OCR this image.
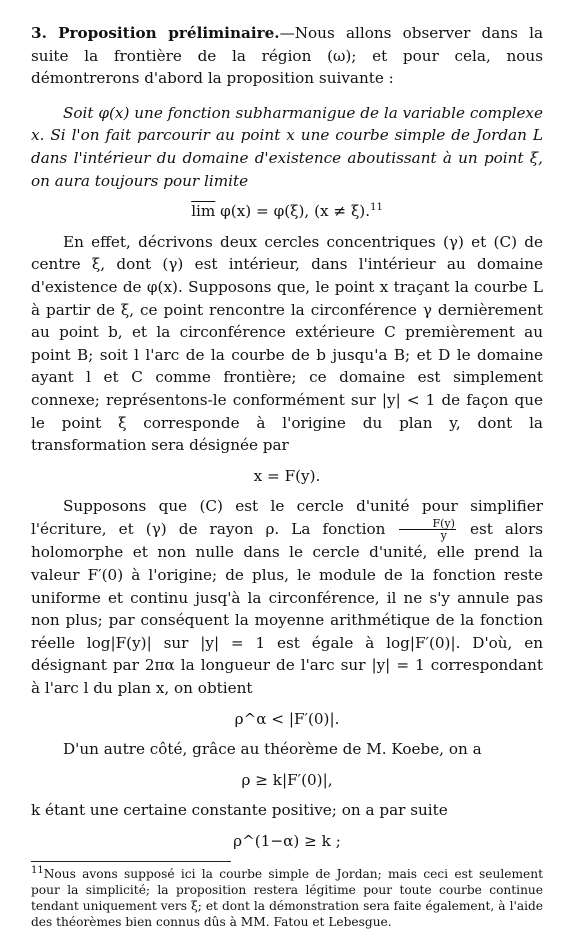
3. Proposition préliminaire.—Nous allons observer dans la suite la frontière de la région (ω); et pour cela, nous démontrerons d'abord la proposition suivante :

Soit φ(x) une fonction subharmanigue de la variable complexe x. Si l'on fait parcourir au point x une courbe simple de Jordan L dans l'intérieur du domaine d'existence aboutissant à un point ξ, on aura toujours pour limite

$\overline{lim}$ φ(x) = φ(ξ), (x ≠ ξ).$^{11}$

En effet, décrivons deux cercles concentriques (γ) et (C) de centre ξ, dont (γ) est intérieur, dans l'intérieur au domaine d'existence de φ(x). Supposons que, le point x traçant la courbe L à partir de ξ, ce point rencontre la circonférence γ dernièrement au point b, et la circonférence extérieure C premièrement au point B; soit l l'arc de la courbe de b jusqu'a B; et D le domaine ayant l et C comme frontière; ce domaine est simplement connexe; représentons-le conformément sur |y| < 1 de façon que le point ξ corresponde à l'origine du plan y, dont la transformation sera désignée par

x = F(y).

Supposons que (C) est le cercle d'unité pour simplifier l'écriture, et (γ) de rayon ρ. La fonction $\frac{F(y)}{y}$ est alors holomorphe et non nulle dans le cercle d'unité, elle prend la valeur F′(0) à l'origine; de plus, le module de la fonction reste uniforme et continu jusq'à la circonférence, il ne s'y annule pas non plus; par conséquent la moyenne arithmétique de la fonction réelle log|F(y)| sur |y| = 1 est égale à log|F′(0)|. D'où, en désignant par 2πα la longueur de l'arc sur |y| = 1 correspondant à l'arc l du plan x, on obtient

ρ^α < |F′(0)|.

D'un autre côté, grâce au théorème de M. Koebe, on a

ρ ≥ k|F′(0)|,

k étant une certaine constante positive; on a par suite

ρ^(1−α) ≥ k ;

$^{11}$Nous avons supposé ici la courbe simple de Jordan; mais ceci est seulement pour la simplicité; la proposition restera légitime pour toute courbe continue tendant uniquement vers ξ; et dont la démonstration sera faite également, à l'aide des théorèmes bien connus dûs à MM. Fatou et Lebesgue.
